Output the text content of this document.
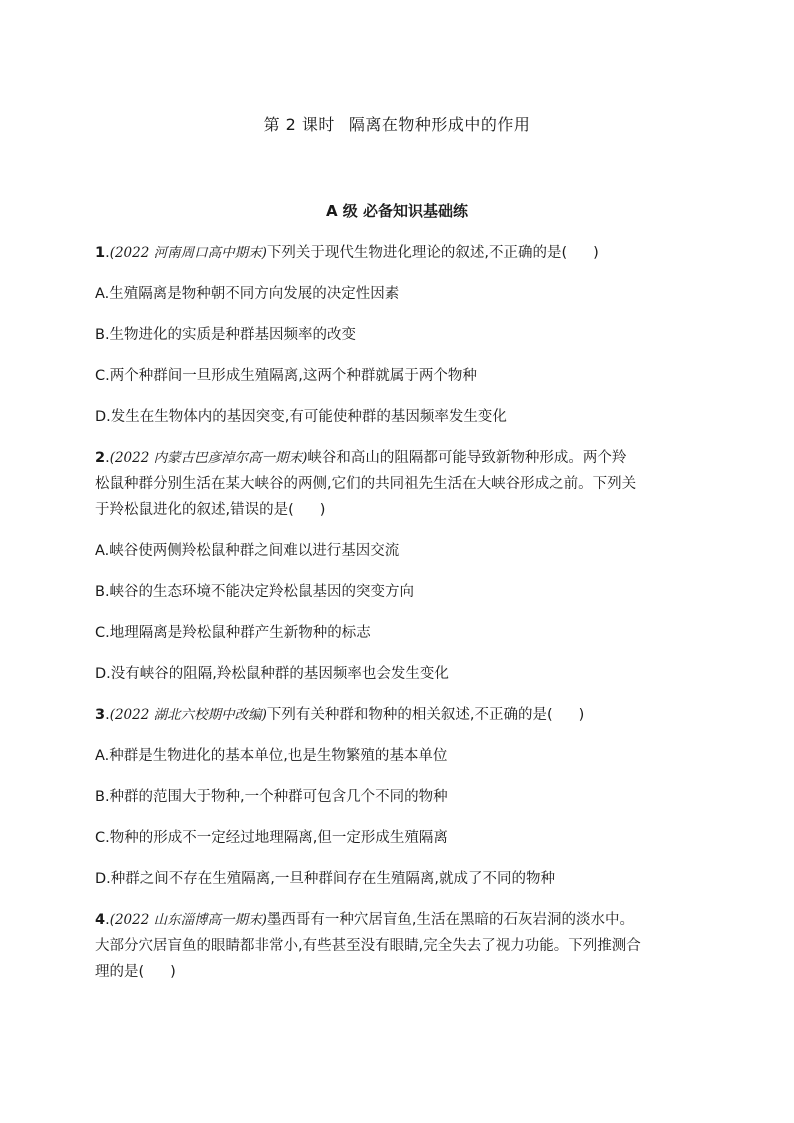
第 2 课时 隔离在物种形成中的作用
A 级 必备知识基础练
1.(2022 河南周口高中期末)下列关于现代生物进化理论的叙述,不正确的是( )
A.生殖隔离是物种朝不同方向发展的决定性因素
B.生物进化的实质是种群基因频率的改变
C.两个种群间一旦形成生殖隔离,这两个种群就属于两个物种
D.发生在生物体内的基因突变,有可能使种群的基因频率发生变化
2.(2022 内蒙古巴彦淖尔高一期末)峡谷和高山的阻隔都可能导致新物种形成。两个羚
松鼠种群分别生活在某大峡谷的两侧,它们的共同祖先生活在大峡谷形成之前。下列关
于羚松鼠进化的叙述,错误的是( )
A.峡谷使两侧羚松鼠种群之间难以进行基因交流
B.峡谷的生态环境不能决定羚松鼠基因的突变方向
C.地理隔离是羚松鼠种群产生新物种的标志
D.没有峡谷的阻隔,羚松鼠种群的基因频率也会发生变化
3.(2022 湖北六校期中改编)下列有关种群和物种的相关叙述,不正确的是( )
A.种群是生物进化的基本单位,也是生物繁殖的基本单位
B.种群的范围大于物种,一个种群可包含几个不同的物种
C.物种的形成不一定经过地理隔离,但一定形成生殖隔离
D.种群之间不存在生殖隔离,一旦种群间存在生殖隔离,就成了不同的物种
4.(2022 山东淄博高一期末)墨西哥有一种穴居盲鱼,生活在黑暗的石灰岩洞的淡水中。
大部分穴居盲鱼的眼睛都非常小,有些甚至没有眼睛,完全失去了视力功能。下列推测合
理的是( )
